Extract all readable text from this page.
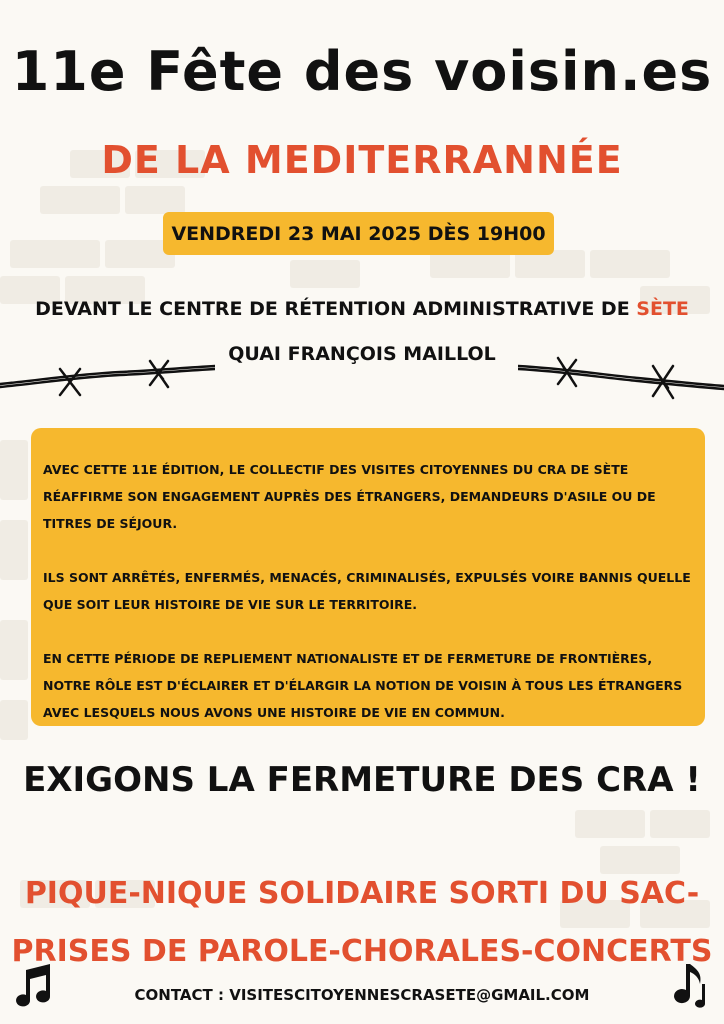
11e Fête des voisin.es
DE LA MEDITERRANNÉE
VENDREDI 23 MAI 2025 DÈS 19H00
DEVANT LE CENTRE DE RÉTENTION ADMINISTRATIVE DE SÈTE
QUAI FRANÇOIS MAILLOL

AVEC CETTE 11E ÉDITION, LE COLLECTIF DES VISITES CITOYENNES DU CRA DE SÈTE RÉAFFIRME SON ENGAGEMENT AUPRÈS DES ÉTRANGERS, DEMANDEURS D'ASILE OU DE TITRES DE SÉJOUR.

ILS SONT ARRÊTÉS, ENFERMÉS, MENACÉS, CRIMINALISÉS, EXPULSÉS VOIRE BANNIS QUELLE QUE SOIT LEUR HISTOIRE DE VIE SUR LE TERRITOIRE.

EN CETTE PÉRIODE DE REPLIEMENT NATIONALISTE ET DE FERMETURE DE FRONTIÈRES, NOTRE RÔLE EST D'ÉCLAIRER ET D'ÉLARGIR LA NOTION DE VOISIN À TOUS LES ÉTRANGERS AVEC LESQUELS NOUS AVONS UNE HISTOIRE DE VIE EN COMMUN.

EXIGONS LA FERMETURE DES CRA !
PIQUE-NIQUE SOLIDAIRE SORTI DU SAC-
PRISES DE PAROLE-CHORALES-CONCERTS
CONTACT : VISITESCITOYENNESCRASETE@GMAIL.COM
